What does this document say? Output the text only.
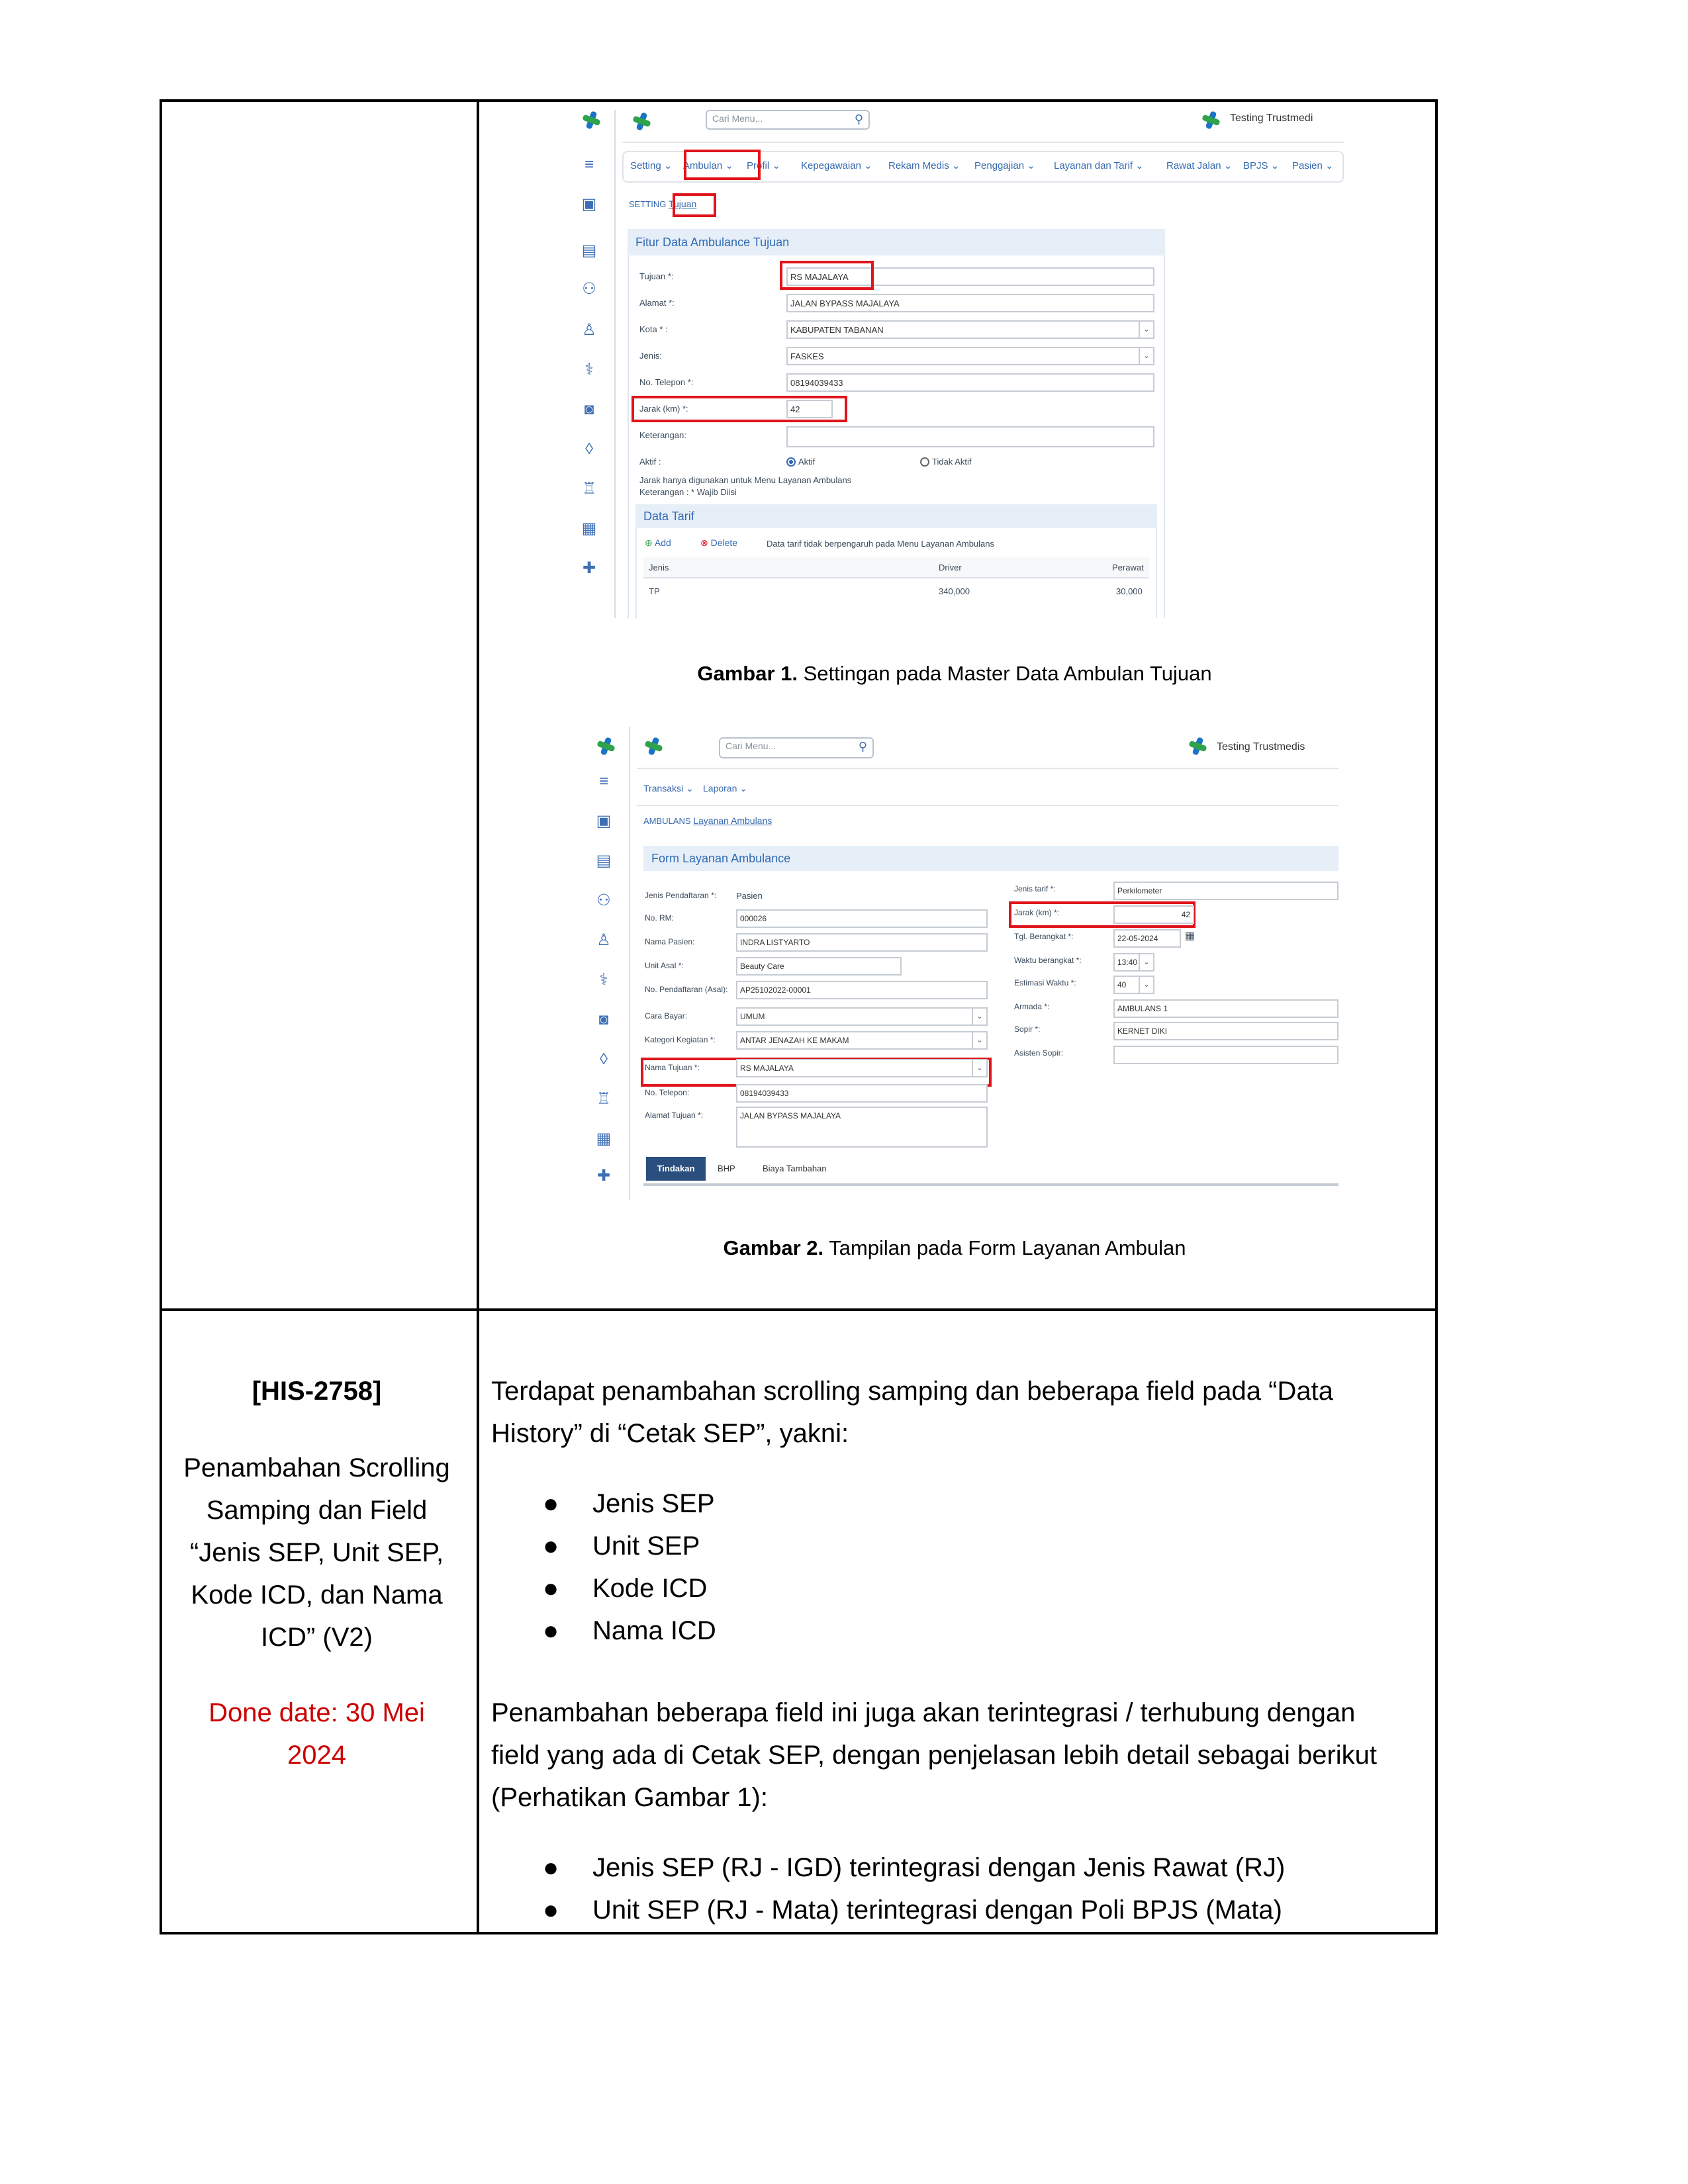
≡
▣
▤
⚇
♙
⚕
◙
◊
♖
▦
✚
Cari Menu...	⚲	Testing Trustmedi
Setting ⌄ Ambulan ⌄ Profil ⌄ Kepegawaian ⌄ Rekam Medis ⌄ Penggajian ⌄ Layanan dan Tarif ⌄ Rawat Jalan ⌄ BPJS ⌄ Pasien ⌄
SETTING Tujuan
Fitur Data Ambulance Tujuan
Tujuan *:	RS MAJALAYA
Alamat *:	JALAN BYPASS MAJALAYA
Kota * :	KABUPATEN TABANAN	⌄
Jenis:	FASKES	⌄
No. Telepon *:	08194039433
Jarak (km) *:	42
Keterangan:
Aktif :	Aktif	Tidak Aktif
Jarak hanya digunakan untuk Menu Layanan Ambulans
Keterangan : * Wajib Diisi
Data Tarif
⊕ Add	⊗ Delete	Data tarif tidak berpengaruh pada Menu Layanan Ambulans
Jenis	Driver	Perawat
TP	340,000	30,000
Gambar 1. Settingan pada Master Data Ambulan Tujuan
≡
▣
▤
⚇
♙
⚕
◙
◊
♖
▦
✚
Cari Menu...	⚲	Testing Trustmedis
Transaksi ⌄ Laporan ⌄
AMBULANS Layanan Ambulans
Form Layanan Ambulance
Tindakan	BHP	Biaya Tambahan
Jenis Pendaftaran *:	Pasien
No. RM:	000026
Nama Pasien:	INDRA LISTYARTO
Unit Asal *:	Beauty Care
No. Pendaftaran (Asal):	AP25102022-00001
Cara Bayar:	UMUM	⌄
Kategori Kegiatan *:	ANTAR JENAZAH KE MAKAM	⌄
Nama Tujuan *:	RS MAJALAYA	⌄
No. Telepon:	08194039433
Alamat Tujuan *:	JALAN BYPASS MAJALAYA
Jenis tarif *:	Perkilometer
Jarak (km) *:	42
Tgl. Berangkat *:	22-05-2024	▦
Waktu berangkat *:	13:40 ⌄
Estimasi Waktu *:	40	⌄
Armada *:	AMBULANS 1
Sopir *:	KERNET DIKI
Asisten Sopir:
Gambar 2. Tampilan pada Form Layanan Ambulan
[HIS-2758]
Penambahan Scrolling
Samping dan Field
“Jenis SEP, Unit SEP,
Kode ICD, dan Nama
ICD” (V2)
Done date: 30 Mei
2024
Terdapat penambahan scrolling samping dan beberapa field pada “Data
History” di “Cetak SEP”, yakni:
● Jenis SEP
● Unit SEP
● Kode ICD
● Nama ICD
Penambahan beberapa field ini juga akan terintegrasi / terhubung dengan
field yang ada di Cetak SEP, dengan penjelasan lebih detail sebagai berikut
(Perhatikan Gambar 1):
● Jenis SEP (RJ - IGD) terintegrasi dengan Jenis Rawat (RJ)
● Unit SEP (RJ - Mata) terintegrasi dengan Poli BPJS (Mata)
